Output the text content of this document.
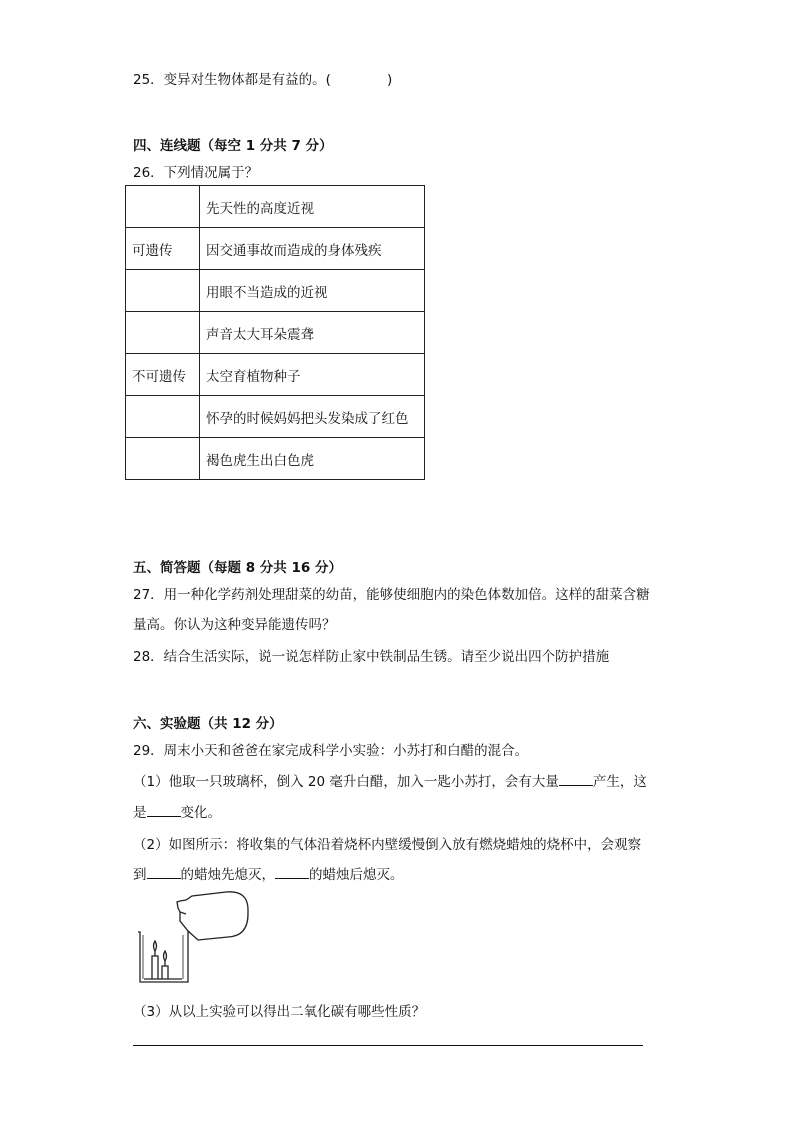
25．变异对生物体都是有益的。(	)
四、连线题（每空 1 分共 7 分）
26．下列情况属于？
	先天性的高度近视
可遗传	因交通事故而造成的身体残疾
	用眼不当造成的近视
	声音太大耳朵震聋
不可遗传	太空育植物种子
	怀孕的时候妈妈把头发染成了红色
	褐色虎生出白色虎
五、简答题（每题 8 分共 16 分）
27．用一种化学药剂处理甜菜的幼苗，能够使细胞内的染色体数加倍。这样的甜菜含糖
量高。你认为这种变异能遗传吗？
28．结合生活实际，说一说怎样防止家中铁制品生锈。请至少说出四个防护措施
六、实验题（共 12 分）
29．周末小天和爸爸在家完成科学小实验：小苏打和白醋的混合。
（1）他取一只玻璃杯，倒入 20 毫升白醋，加入一匙小苏打，会有大量	产生，这
是	变化。
（2）如图所示：将收集的气体沿着烧杯内壁缓慢倒入放有燃烧蜡烛的烧杯中，会观察
到	的蜡烛先熄灭，	的蜡烛后熄灭。
（3）从以上实验可以得出二氧化碳有哪些性质？
